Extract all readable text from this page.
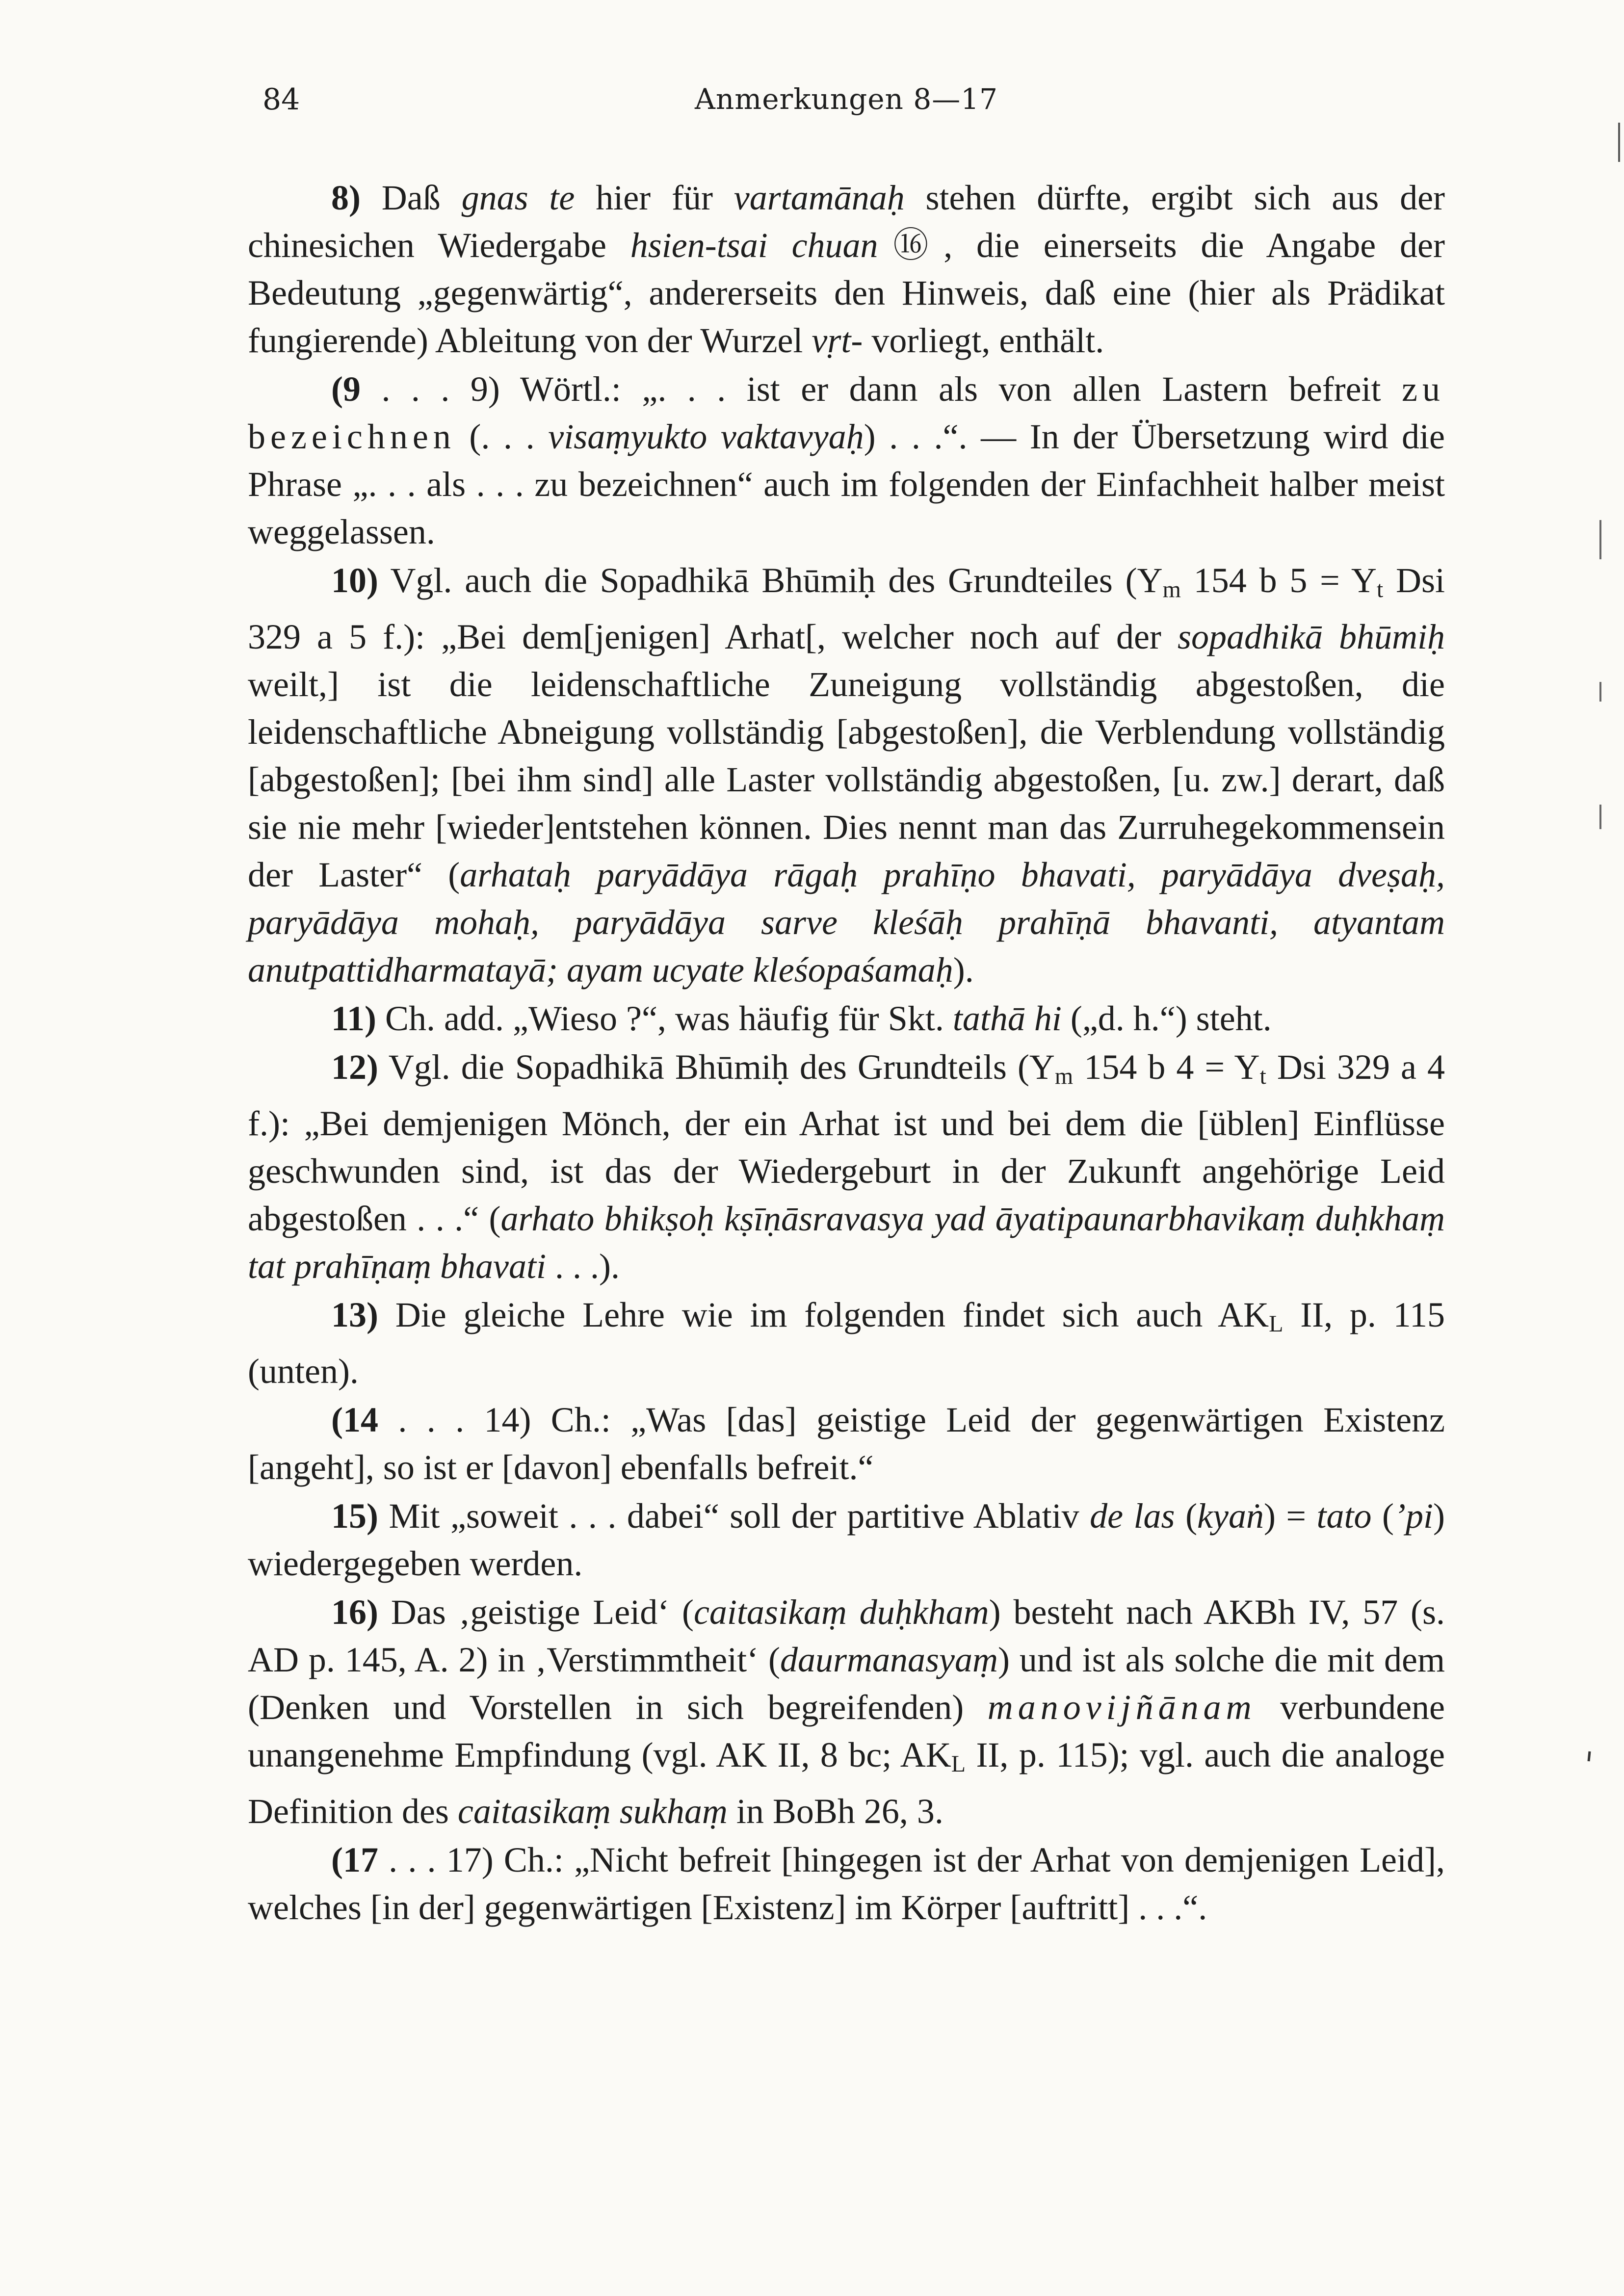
84	Anmerkungen 8—17

8) Daß gnas te hier für vartamānaḥ stehen dürfte, ergibt sich aus der chinesichen Wiedergabe hsien-tsai chuan⑯, die einerseits die Angabe der Bedeutung „gegenwärtig“, andererseits den Hinweis, daß eine (hier als Prädikat fungierende) Ableitung von der Wurzel vṛt- vorliegt, enthält.

(9 . . . 9) Wörtl.: „. . . ist er dann als von allen Lastern befreit zu bezeichnen (. . . visaṃyukto vaktavyaḥ) . . .“. — In der Übersetzung wird die Phrase „. . . als . . . zu bezeichnen“ auch im folgenden der Einfachheit halber meist weggelassen.

10) Vgl. auch die Sopadhikā Bhūmiḥ des Grundteiles ($Y_m$ 154 b $5 = Y_t$ Dsi 329 a 5 f.): „Bei dem[jenigen] Arhat[, welcher noch auf der sopadhikā bhūmiḥ weilt,] ist die leidenschaftliche Zuneigung vollständig abgestoßen, die leidenschaftliche Abneigung vollständig [abgestoßen], die Verblendung vollständig [abgestoßen]; [bei ihm sind] alle Laster vollständig abgestoßen, [u. zw.] derart, daß sie nie mehr [wieder]entstehen können. Dies nennt man das Zurruhegekommensein der Laster“ (arhataḥ paryādāya rāgaḥ prahīṇo bhavati, paryādāya dveṣaḥ, paryādāya mohaḥ, paryādāya sarve kleśāḥ prahīṇā bhavanti, atyantam anutpattidharmatayā; ayam ucyate kleśopaśamaḥ).

11) Ch. add. „Wieso ?“, was häufig für Skt. tathā hi („d. h.“) steht.

12) Vgl. die Sopadhikā Bhūmiḥ des Grundteils ($Y_m$ 154 b $4 = Y_t$ Dsi 329 a 4 f.): „Bei demjenigen Mönch, der ein Arhat ist und bei dem die [üblen] Einflüsse geschwunden sind, ist das der Wiedergeburt in der Zukunft angehörige Leid abgestoßen . . .“ (arhato bhikṣoḥ kṣīṇāsravasya yad āyatipaunarbhavikaṃ duḥkhaṃ tat prahīṇaṃ bhavati . . .).

13) Die gleiche Lehre wie im folgenden findet sich auch $AK_L$ II, p. 115 (unten).

(14 . . . 14) Ch.: „Was [das] geistige Leid der gegenwärtigen Existenz [angeht], so ist er [davon] ebenfalls befreit.“

15) Mit „soweit . . . dabei“ soll der partitive Ablativ de las (kyaṅ) = tato (’pi) wiedergegeben werden.

16) Das ‚geistige Leid‘ (caitasikaṃ duḥkham) besteht nach AKBh IV, 57 (s. AD p. 145, A. 2) in ‚Verstimmtheit‘ (daurmanasyaṃ) und ist als solche die mit dem (Denken und Vorstellen in sich begreifenden) manovijñānam verbundene unangenehme Empfindung (vgl. AK II, 8 bc; $AK_L$ II, p. 115); vgl. auch die analoge Definition des caitasikaṃ sukhaṃ in BoBh 26, 3.

(17 . . . 17) Ch.: „Nicht befreit [hingegen ist der Arhat von demjenigen Leid], welches [in der] gegenwärtigen [Existenz] im Körper [auftritt] . . .“.
